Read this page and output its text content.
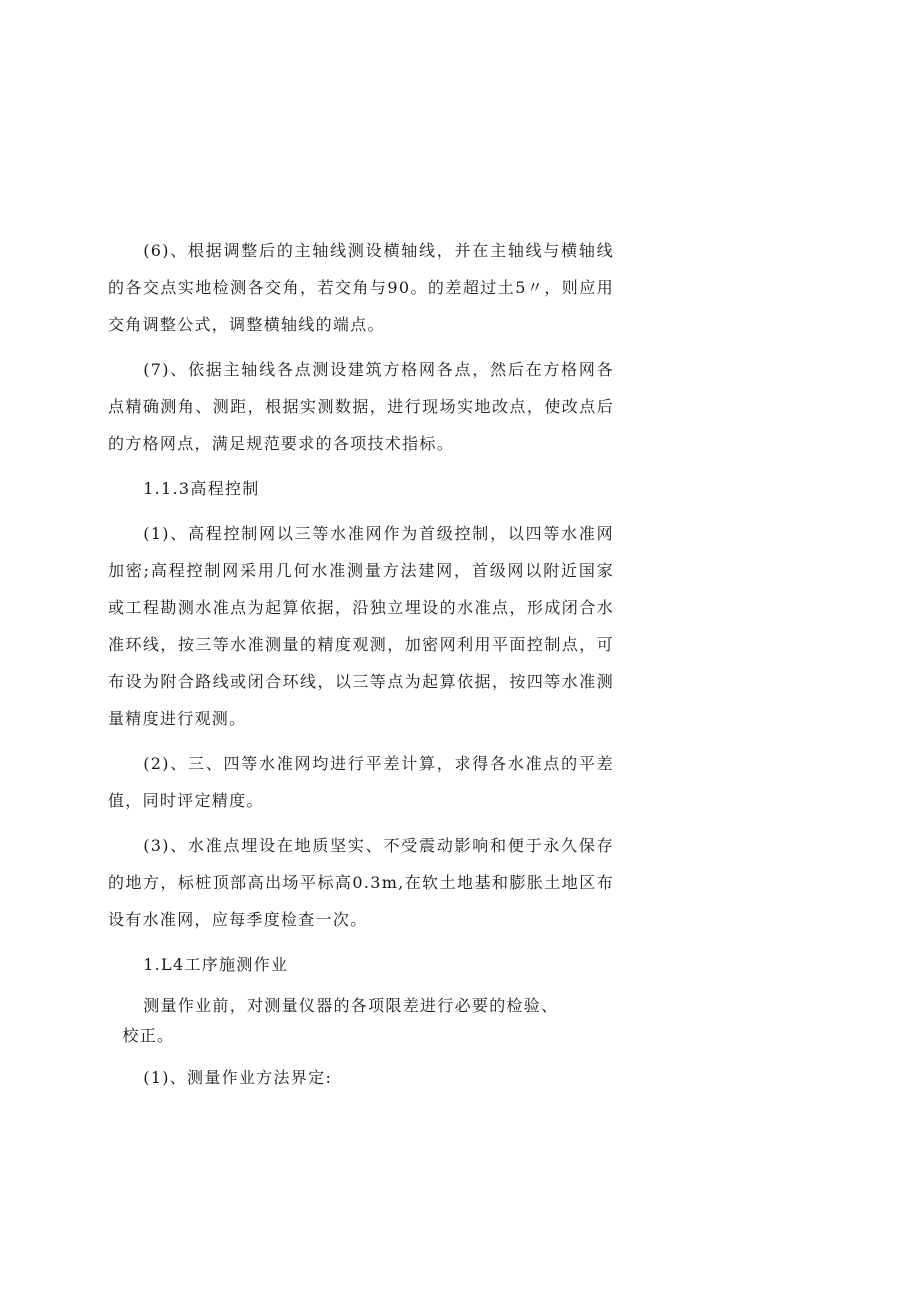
(6)、根据调整后的主轴线测设横轴线，并在主轴线与横轴线的各交点实地检测各交角，若交角与90。的差超过土5〃，则应用交角调整公式，调整横轴线的端点。

(7)、依据主轴线各点测设建筑方格网各点，然后在方格网各点精确测角、测距，根据实测数据，进行现场实地改点，使改点后的方格网点，满足规范要求的各项技术指标。

1.1.3高程控制

(1)、高程控制网以三等水准网作为首级控制，以四等水准网加密;高程控制网采用几何水准测量方法建网，首级网以附近国家或工程勘测水准点为起算依据，沿独立埋设的水准点，形成闭合水准环线，按三等水准测量的精度观测，加密网利用平面控制点，可布设为附合路线或闭合环线，以三等点为起算依据，按四等水准测量精度进行观测。

(2)、三、四等水准网均进行平差计算，求得各水准点的平差值，同时评定精度。

(3)、水准点埋设在地质坚实、不受震动影响和便于永久保存的地方，标桩顶部高出场平标高0.3m,在软土地基和膨胀土地区布设有水准网，应每季度检查一次。

1.L4工序施测作业

测量作业前，对测量仪器的各项限差进行必要的检验、
校正。

(1)、测量作业方法界定:
